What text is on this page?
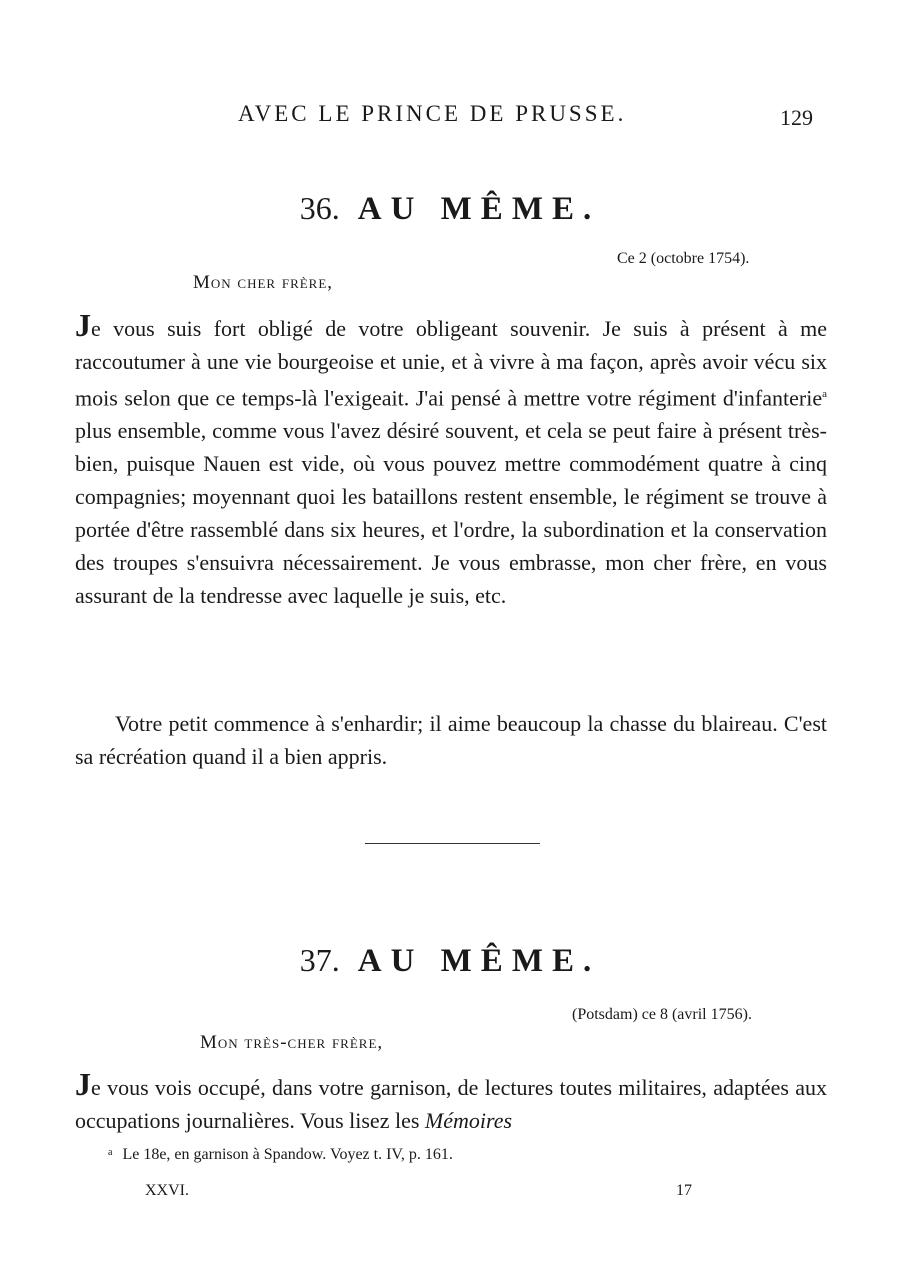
AVEC LE PRINCE DE PRUSSE.	129
36. AU MÊME.
Ce 2 (octobre 1754).
Mon cher frère,

Je vous suis fort obligé de votre obligeant souvenir. Je suis à présent à me raccoutumer à une vie bourgeoise et unie, et à vivre à ma façon, après avoir vécu six mois selon que ce temps-là l'exigeait. J'ai pensé à mettre votre régiment d'infanterie$^a$ plus ensemble, comme vous l'avez désiré souvent, et cela se peut faire à présent très-bien, puisque Nauen est vide, où vous pouvez mettre commodément quatre à cinq compagnies; moyennant quoi les bataillons restent ensemble, le régiment se trouve à portée d'être rassemblé dans six heures, et l'ordre, la subordination et la conservation des troupes s'ensuivra nécessairement. Je vous embrasse, mon cher frère, en vous assurant de la tendresse avec laquelle je suis, etc.

Votre petit commence à s'enhardir; il aime beaucoup la chasse du blaireau. C'est sa récréation quand il a bien appris.

37. AU MÊME.
(Potsdam) ce 8 (avril 1756).
Mon très-cher frère,

Je vous vois occupé, dans votre garnison, de lectures toutes militaires, adaptées aux occupations journalières. Vous lisez les Mémoires

$^a$ Le 18e, en garnison à Spandow. Voyez t. IV, p. 161.
XXVI.	17
